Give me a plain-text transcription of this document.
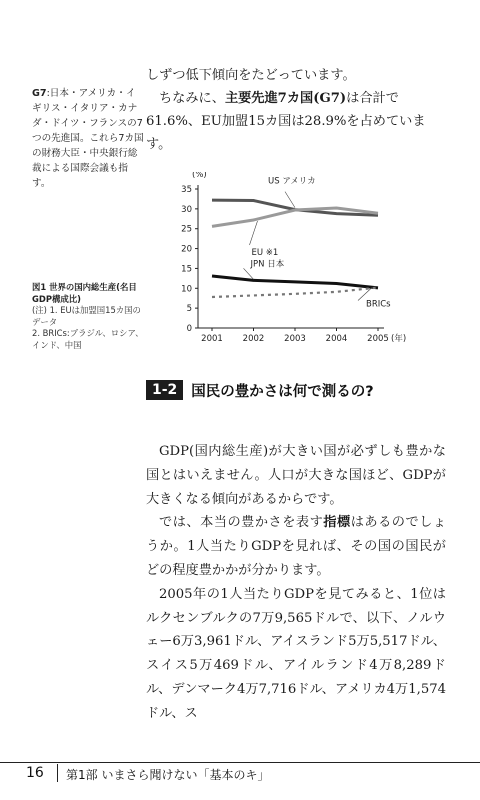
G7:日本・アメリカ・イギリス・イタリア・カナダ・ドイツ・フランスの7つの先進国。これら7カ国の財務大臣・中央銀行総裁による国際会議も指す。

しずつ低下傾向をたどっています。

ちなみに、主要先進7カ国(G7)は合計で61.6%、EU加盟15カ国は28.9%を占めています。

(%)
0
5
10
15
20
25
30
35
2001 2002 2003 2004 2005 (年)
US アメリカ
EU ※1
JPN 日本
BRICs
図1 世界の国内総生産(名目GDP構成比)
(注) 1. EUは加盟国15カ国のデータ
2. BRICs:ブラジル、ロシア、インド、中国
1-2 国民の豊かさは何で測るの?

GDP(国内総生産)が大きい国が必ずしも豊かな国とはいえません。人口が大きな国ほど、GDPが大きくなる傾向があるからです。

では、本当の豊かさを表す指標はあるのでしょうか。1人当たりGDPを見れば、その国の国民がどの程度豊かかが分かります。

2005年の1人当たりGDPを見てみると、1位はルクセンブルクの7万9,565ドルで、以下、ノルウェー6万3,961ドル、アイスランド5万5,517ドル、スイス5万469ドル、アイルランド4万8,289ドル、デンマーク4万7,716ドル、アメリカ4万1,574ドル、ス

16 第1部 いまさら聞けない「基本のキ」
